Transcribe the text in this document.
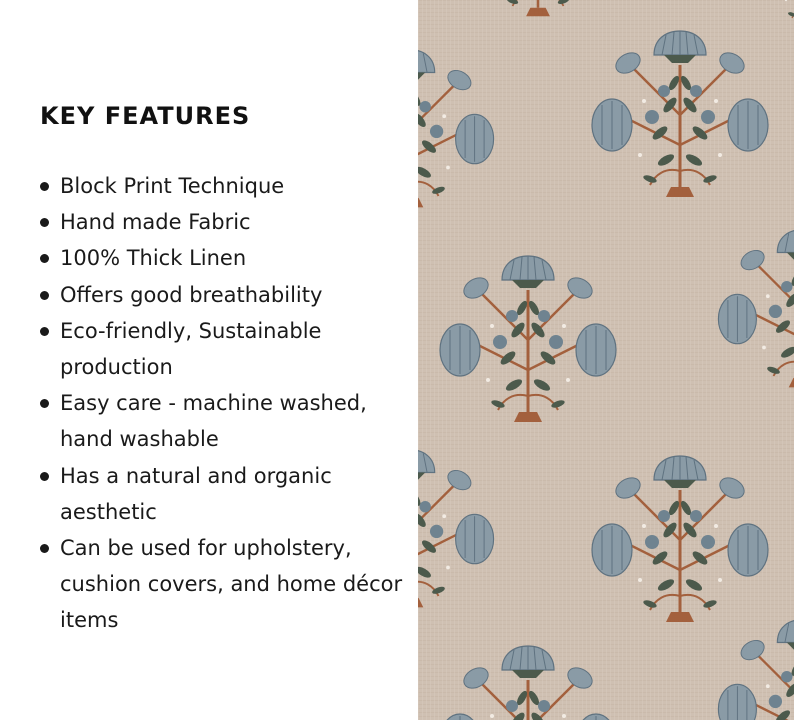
KEY FEATURES
Block Print Technique
Hand made Fabric
100% Thick Linen
Offers good breathability
Eco-friendly, Sustainable production
Easy care - machine washed, hand washable
Has a natural and organic aesthetic
Can be used for upholstery, cushion covers, and home décor items
